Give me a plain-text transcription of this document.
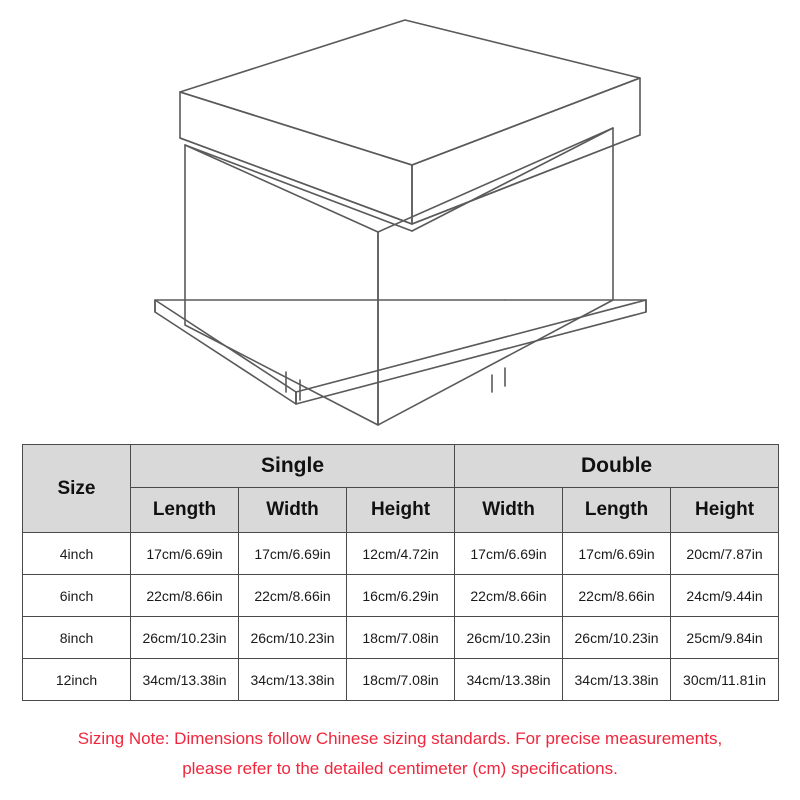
Size	Single			Double		
	Length	Width	Height	Width	Length	Height
4inch	17cm/6.69in	17cm/6.69in	12cm/4.72in	17cm/6.69in	17cm/6.69in	20cm/7.87in
6inch	22cm/8.66in	22cm/8.66in	16cm/6.29in	22cm/8.66in	22cm/8.66in	24cm/9.44in
8inch	26cm/10.23in	26cm/10.23in	18cm/7.08in	26cm/10.23in	26cm/10.23in	25cm/9.84in
12inch	34cm/13.38in	34cm/13.38in	18cm/7.08in	34cm/13.38in	34cm/13.38in	30cm/11.81in
Sizing Note: Dimensions follow Chinese sizing standards. For precise measurements,
please refer to the detailed centimeter (cm) specifications.
